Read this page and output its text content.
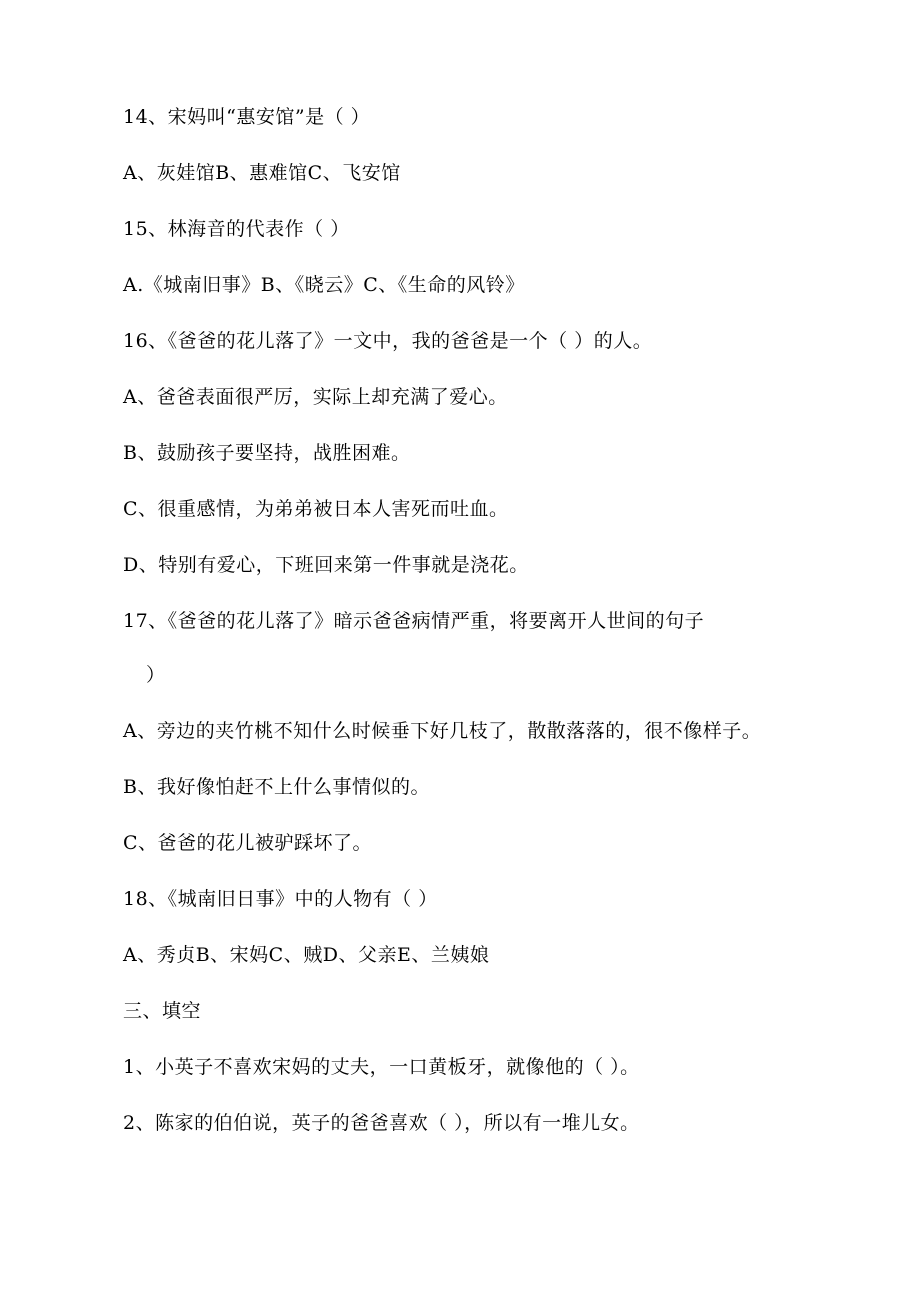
14、宋妈叫“惠安馆”是（ ）
A、灰娃馆B、惠难馆C、飞安馆
15、林海音的代表作（ ）
A.《城南旧事》B、《晓云》C、《生命的风铃》
16、《爸爸的花儿落了》一文中，我的爸爸是一个（ ）的人。
A、爸爸表面很严厉，实际上却充满了爱心。
B、鼓励孩子要坚持，战胜困难。
C、很重感情，为弟弟被日本人害死而吐血。
D、特别有爱心，下班回来第一件事就是浇花。
17、《爸爸的花儿落了》暗示爸爸病情严重，将要离开人世间的句子
）
A、旁边的夹竹桃不知什么时候垂下好几枝了，散散落落的，很不像样子。
B、我好像怕赶不上什么事情似的。
C、爸爸的花儿被驴踩坏了。
18、《城南旧日事》中的人物有（ ）
A、秀贞B、宋妈C、贼D、父亲E、兰姨娘
三、填空
1、小英子不喜欢宋妈的丈夫，一口黄板牙，就像他的（ ）。
2、陈家的伯伯说，英子的爸爸喜欢（ ），所以有一堆儿女。
